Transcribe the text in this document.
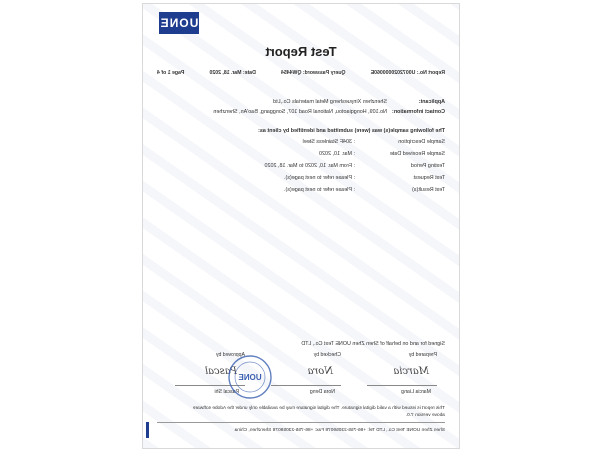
UONE
Test Report
Report No.: U0072020000060E
Query Password: QW4454
Date: Mar. 18, 2020
Page 1 of 4
Applicant:
Shenzhen Xinyuesheng Metal materials Co.,Ltd
Contact information:
No.109, Hongqiaotou, National Road 107, Songgang, Bao'An, Shenzhen
The following sample(s) was (were) submitted and identified by client as:
Sample Description
: 304F Stainless Steel
Sample Received Date
: Mar. 10, 2020
Testing Period
: From Mar. 10, 2020 to Mar. 18, 2020
Test Request
: Please refer to next page(s).
Test Result(s)
: Please refer to next page(s).
Signed for and on behalf of Shen Zhen UONE Test Co., LTD
Prepared by
Marcia
Marcia Liang
Checked by
Nora
Nora Deng
Approved by
Pascal
Pascal Shi
UONE
This report is issued with a valid digital signature. The digital signature may be available only under the Adobe software
above version 7.0.
Shen Zhen UONE Test Co., LTD Tel: +86-755-23059078 Fax: +86-755-23059078 Shenzhen, China
